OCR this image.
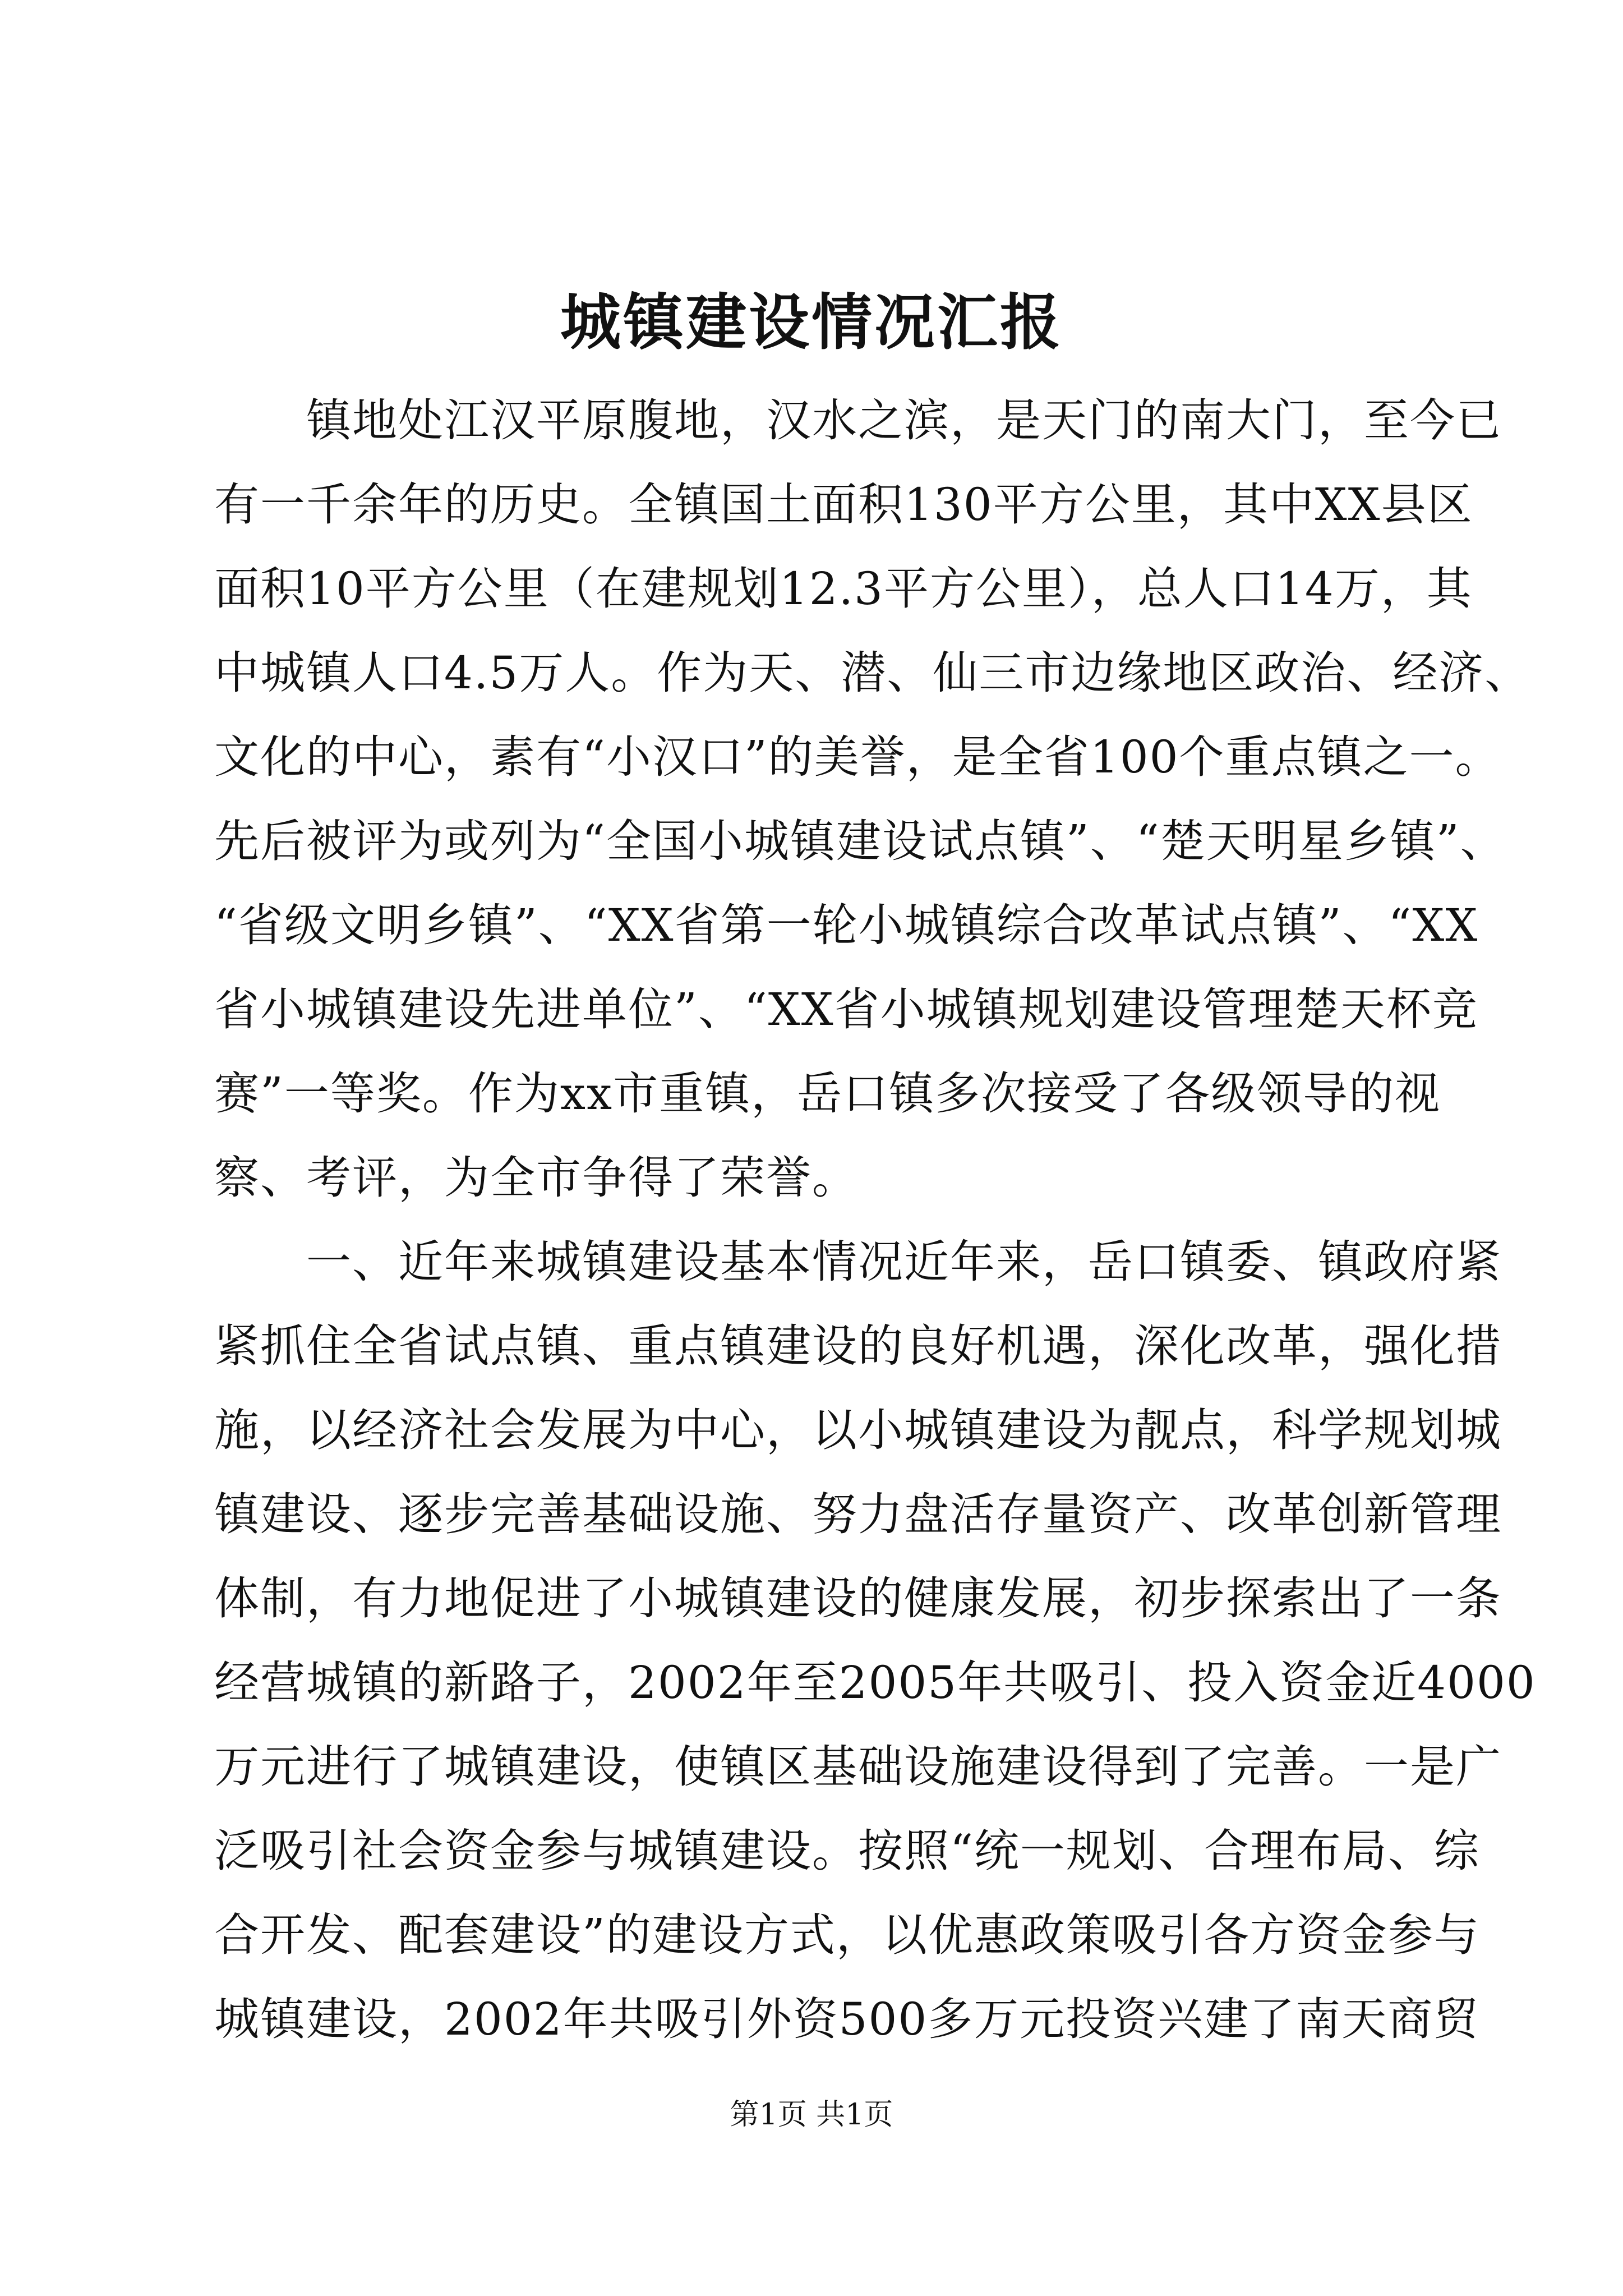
城镇建设情况汇报
　　镇地处江汉平原腹地，汉水之滨，是天门的南大门，至今已
有一千余年的历史。全镇国土面积130平方公里，其中XX县区
面积10平方公里（在建规划12.3平方公里），总人口14万，其
中城镇人口4.5万人。作为天、潜、仙三市边缘地区政治、经济、
文化的中心，素有“小汉口”的美誉，是全省100个重点镇之一。
先后被评为或列为“全国小城镇建设试点镇”、“楚天明星乡镇”、
“省级文明乡镇”、“XX省第一轮小城镇综合改革试点镇”、“XX
省小城镇建设先进单位”、“XX省小城镇规划建设管理楚天杯竞
赛”一等奖。作为xx市重镇，岳口镇多次接受了各级领导的视
察、考评，为全市争得了荣誉。
　　一、近年来城镇建设基本情况近年来，岳口镇委、镇政府紧
紧抓住全省试点镇、重点镇建设的良好机遇，深化改革，强化措
施，以经济社会发展为中心，以小城镇建设为靓点，科学规划城
镇建设、逐步完善基础设施、努力盘活存量资产、改革创新管理
体制，有力地促进了小城镇建设的健康发展，初步探索出了一条
经营城镇的新路子，2002年至2005年共吸引、投入资金近4000
万元进行了城镇建设，使镇区基础设施建设得到了完善。一是广
泛吸引社会资金参与城镇建设。按照“统一规划、合理布局、综
合开发、配套建设”的建设方式，以优惠政策吸引各方资金参与
城镇建设，2002年共吸引外资500多万元投资兴建了南天商贸
第1页 共1页
